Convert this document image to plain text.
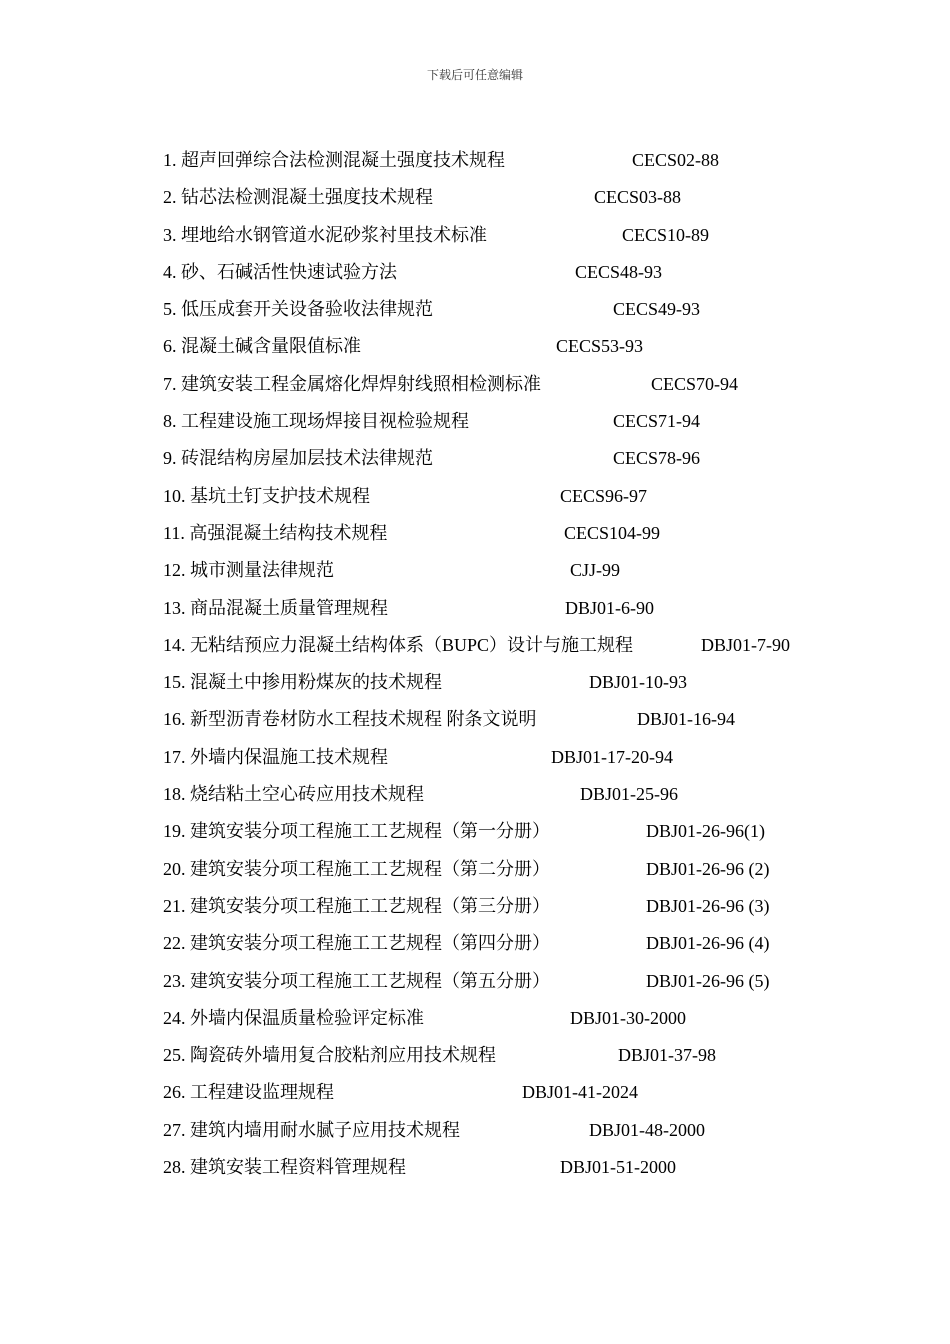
下载后可任意编辑
1. 超声回弹综合法检测混凝土强度技术规程	CECS02-88
2. 钻芯法检测混凝土强度技术规程	CECS03-88
3. 埋地给水钢管道水泥砂浆衬里技术标准	CECS10-89
4. 砂、石碱活性快速试验方法	CECS48-93
5. 低压成套开关设备验收法律规范	CECS49-93
6. 混凝土碱含量限值标准	CECS53-93
7. 建筑安装工程金属熔化焊焊射线照相检测标准	CECS70-94
8. 工程建设施工现场焊接目视检验规程	CECS71-94
9. 砖混结构房屋加层技术法律规范	CECS78-96
10. 基坑土钉支护技术规程	CECS96-97
11. 高强混凝土结构技术规程	CECS104-99
12. 城市测量法律规范	CJJ-99
13. 商品混凝土质量管理规程	DBJ01-6-90
14. 无粘结预应力混凝土结构体系（BUPC）设计与施工规程	DBJ01-7-90
15. 混凝土中掺用粉煤灰的技术规程	DBJ01-10-93
16. 新型沥青卷材防水工程技术规程 附条文说明	DBJ01-16-94
17. 外墙内保温施工技术规程	DBJ01-17-20-94
18. 烧结粘土空心砖应用技术规程	DBJ01-25-96
19. 建筑安装分项工程施工工艺规程（第一分册）	DBJ01-26-96(1)
20. 建筑安装分项工程施工工艺规程（第二分册）	DBJ01-26-96 (2)
21. 建筑安装分项工程施工工艺规程（第三分册）	DBJ01-26-96 (3)
22. 建筑安装分项工程施工工艺规程（第四分册）	DBJ01-26-96 (4)
23. 建筑安装分项工程施工工艺规程（第五分册）	DBJ01-26-96 (5)
24. 外墙内保温质量检验评定标准	DBJ01-30-2000
25. 陶瓷砖外墙用复合胶粘剂应用技术规程	DBJ01-37-98
26. 工程建设监理规程	DBJ01-41-2024
27. 建筑内墙用耐水腻子应用技术规程	DBJ01-48-2000
28. 建筑安装工程资料管理规程	DBJ01-51-2000
